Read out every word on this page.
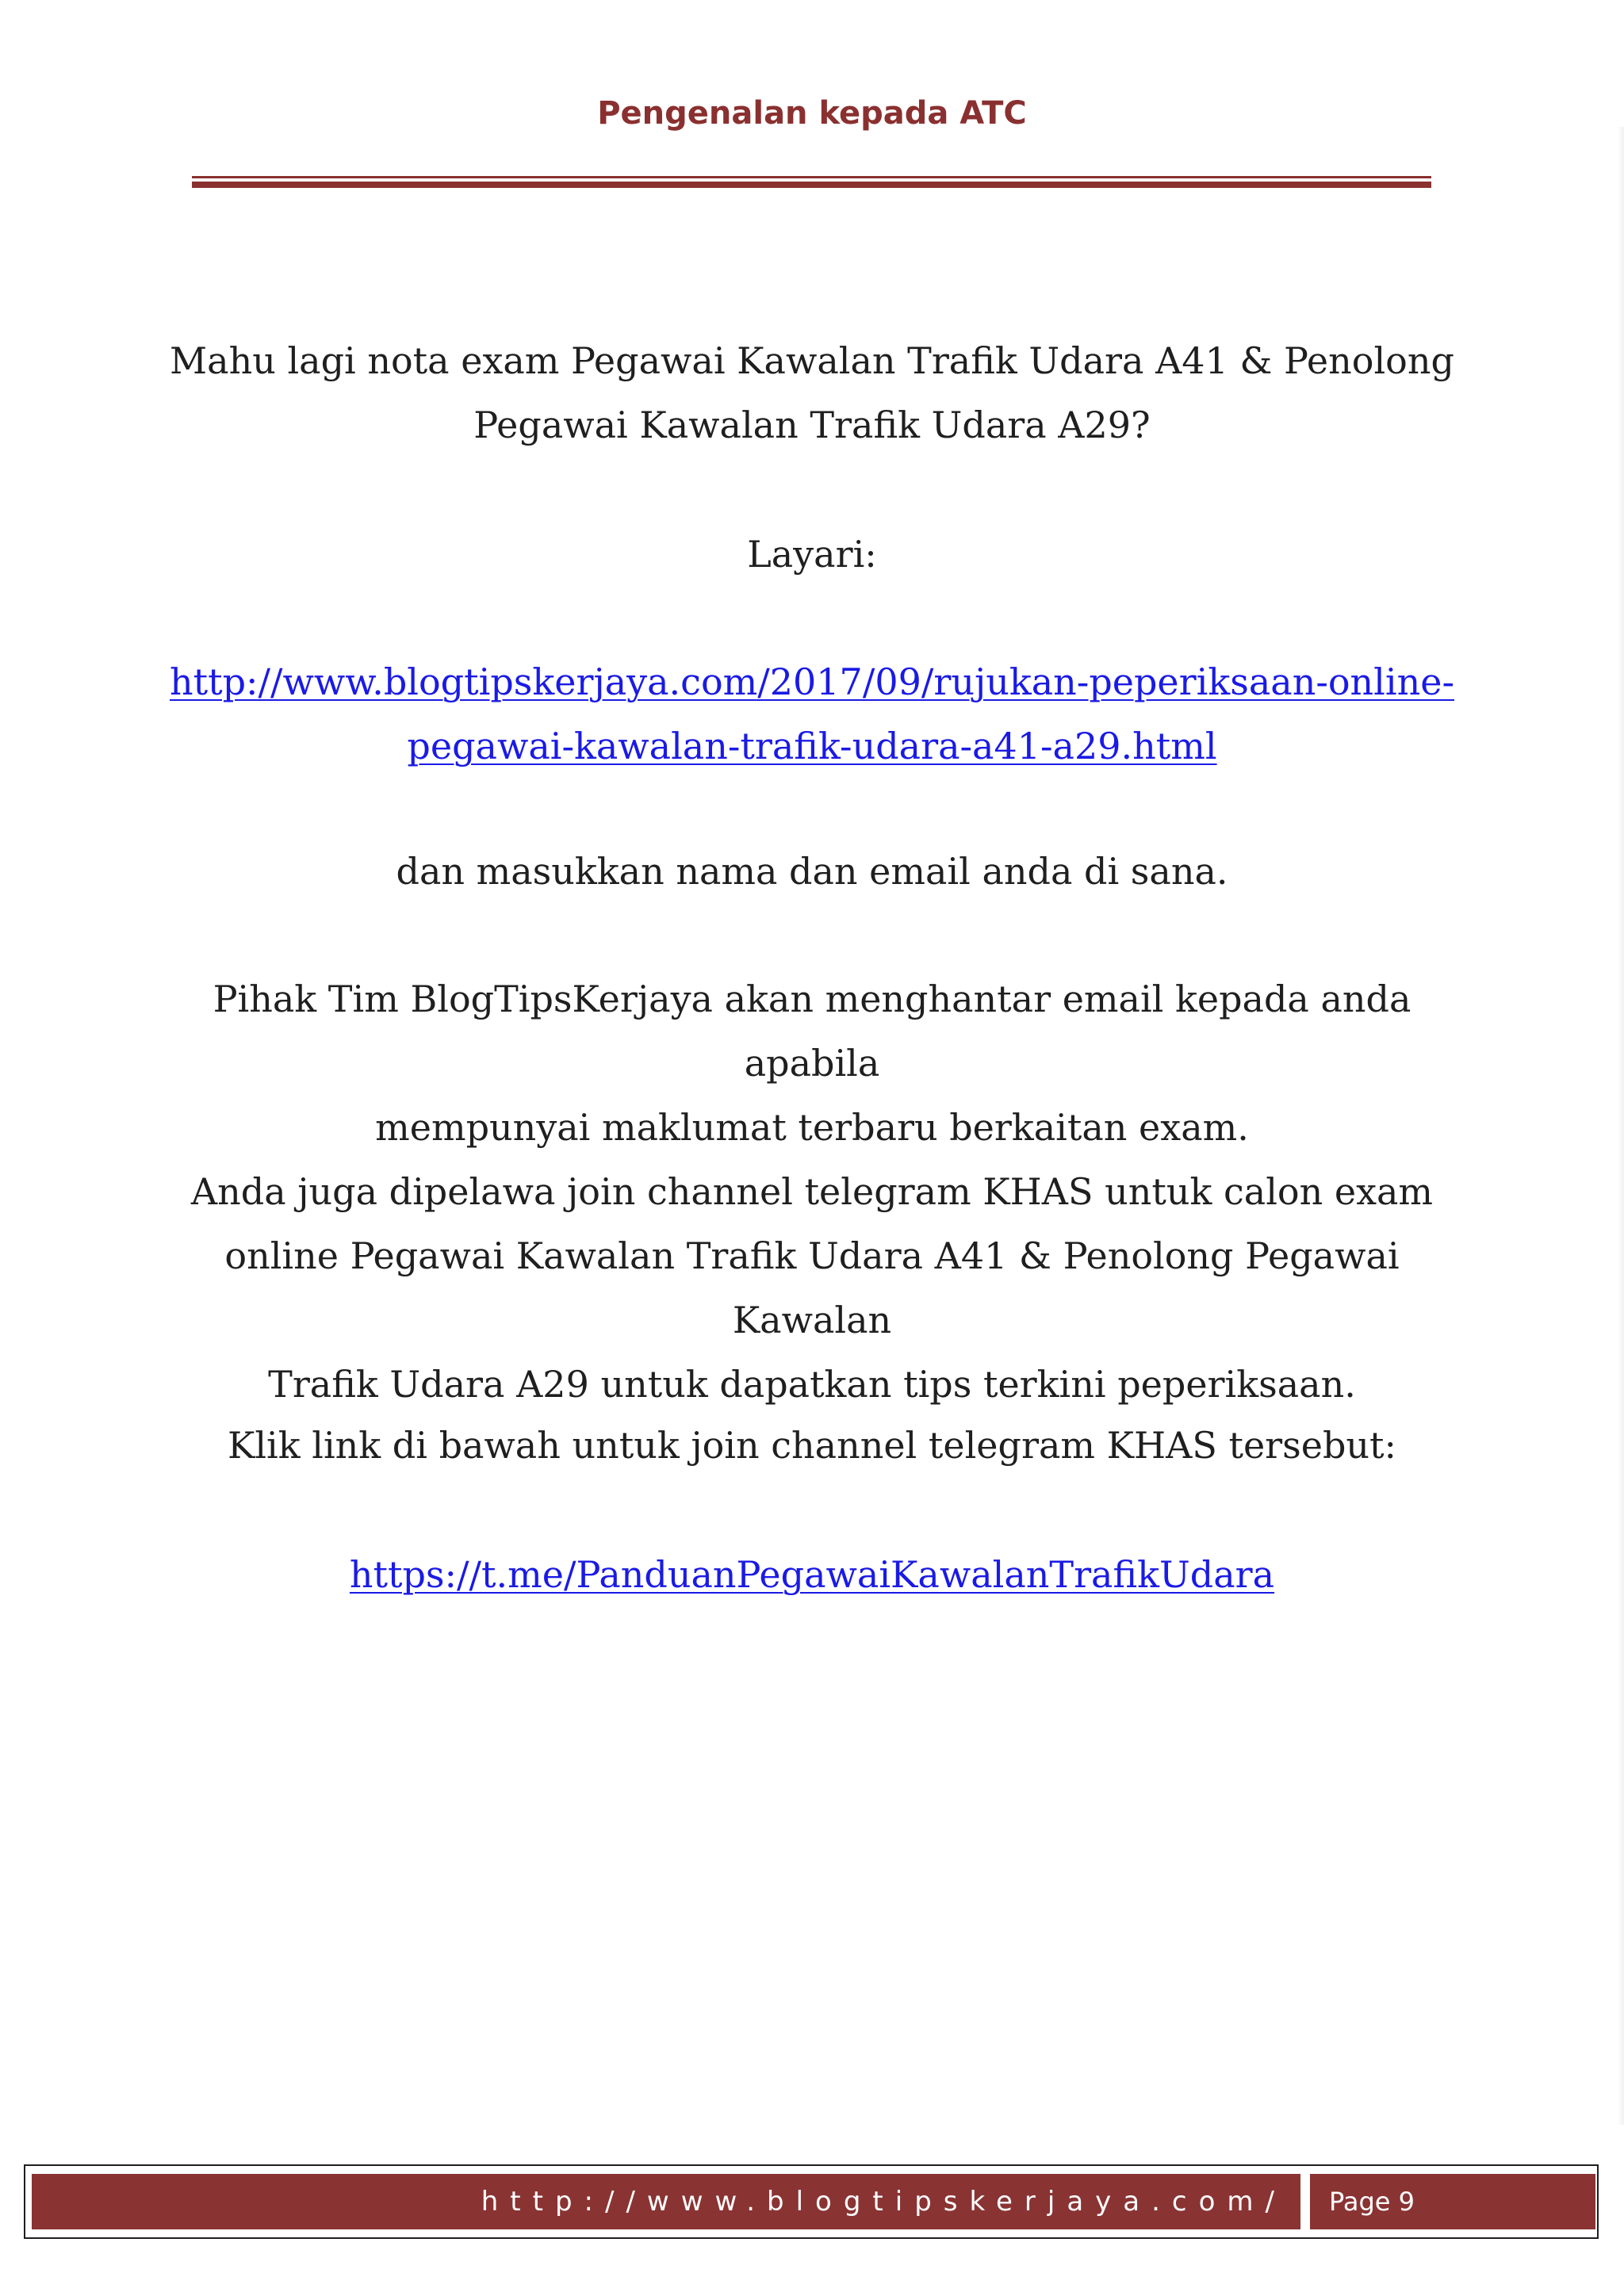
Pengenalan kepada ATC
Mahu lagi nota exam Pegawai Kawalan Trafik Udara A41 & Penolong
Pegawai Kawalan Trafik Udara A29?
Layari:
http://www.blogtipskerjaya.com/2017/09/rujukan-peperiksaan-online-
pegawai-kawalan-trafik-udara-a41-a29.html
dan masukkan nama dan email anda di sana.
Pihak Tim BlogTipsKerjaya akan menghantar email kepada anda apabila
mempunyai maklumat terbaru berkaitan exam.
Anda juga dipelawa join channel telegram KHAS untuk calon exam
online Pegawai Kawalan Trafik Udara A41 & Penolong Pegawai Kawalan
Trafik Udara A29 untuk dapatkan tips terkini peperiksaan.
Klik link di bawah untuk join channel telegram KHAS tersebut:
https://t.me/PanduanPegawaiKawalanTrafikUdara
http://www.blogtipskerjaya.com/	Page 9
